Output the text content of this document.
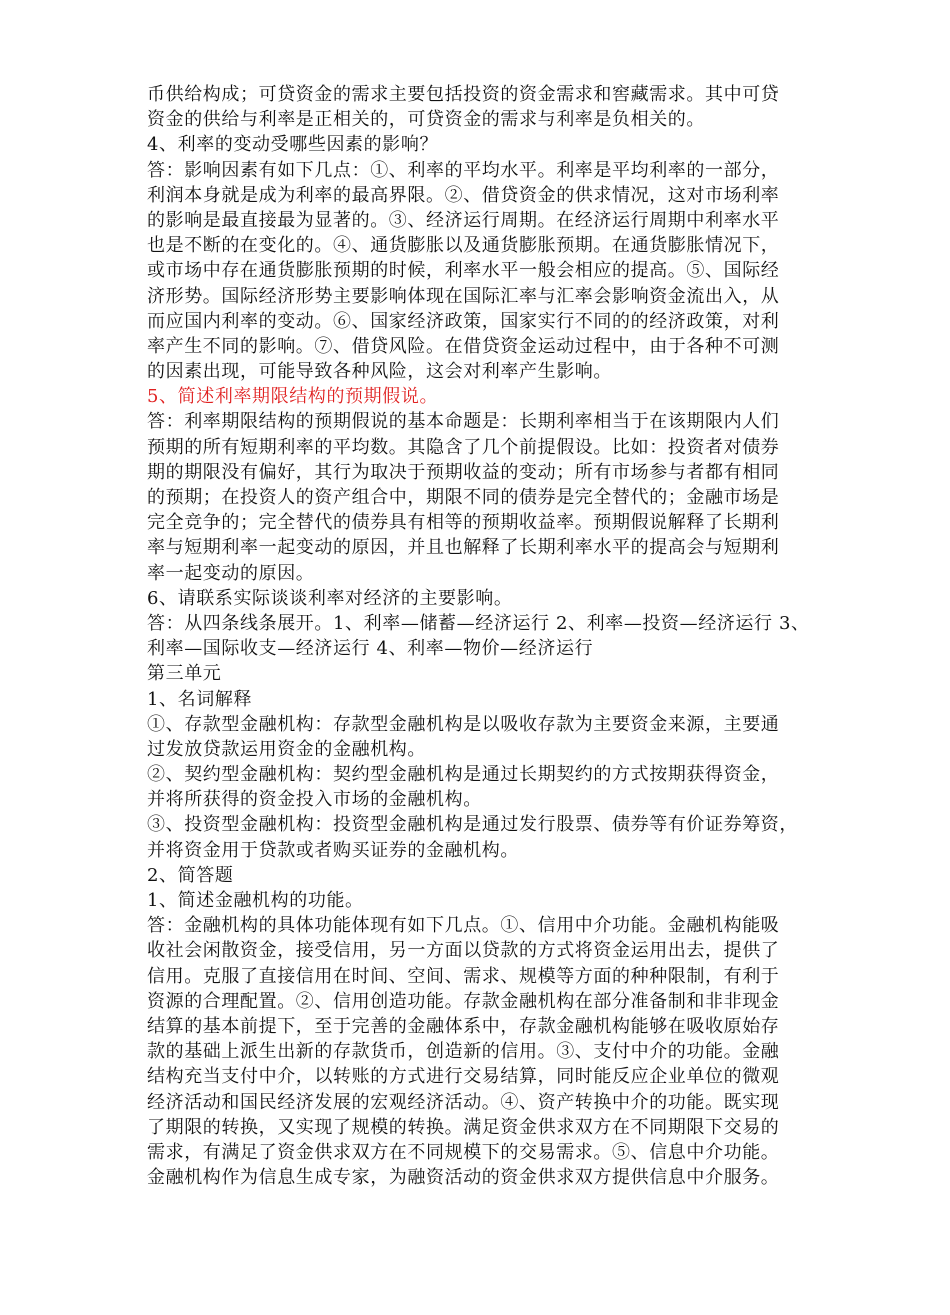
币供给构成；可贷资金的需求主要包括投资的资金需求和窖藏需求。其中可贷
资金的供给与利率是正相关的，可贷资金的需求与利率是负相关的。
4、利率的变动受哪些因素的影响？
答：影响因素有如下几点：①、利率的平均水平。利率是平均利率的一部分，
利润本身就是成为利率的最高界限。②、借贷资金的供求情况，这对市场利率
的影响是最直接最为显著的。③、经济运行周期。在经济运行周期中利率水平
也是不断的在变化的。④、通货膨胀以及通货膨胀预期。在通货膨胀情况下，
或市场中存在通货膨胀预期的时候，利率水平一般会相应的提高。⑤、国际经
济形势。国际经济形势主要影响体现在国际汇率与汇率会影响资金流出入，从
而应国内利率的变动。⑥、国家经济政策，国家实行不同的的经济政策，对利
率产生不同的影响。⑦、借贷风险。在借贷资金运动过程中，由于各种不可测
的因素出现，可能导致各种风险，这会对利率产生影响。
5、简述利率期限结构的预期假说。
答：利率期限结构的预期假说的基本命题是：长期利率相当于在该期限内人们
预期的所有短期利率的平均数。其隐含了几个前提假设。比如：投资者对债券
期的期限没有偏好，其行为取决于预期收益的变动；所有市场参与者都有相同
的预期；在投资人的资产组合中，期限不同的债券是完全替代的；金融市场是
完全竞争的；完全替代的债券具有相等的预期收益率。预期假说解释了长期利
率与短期利率一起变动的原因，并且也解释了长期利率水平的提高会与短期利
率一起变动的原因。
6、请联系实际谈谈利率对经济的主要影响。
答：从四条线条展开。1、利率—储蓄—经济运行 2、利率—投资—经济运行 3、
利率—国际收支—经济运行 4、利率—物价—经济运行
第三单元
1、名词解释
①、存款型金融机构：存款型金融机构是以吸收存款为主要资金来源，主要通
过发放贷款运用资金的金融机构。
②、契约型金融机构：契约型金融机构是通过长期契约的方式按期获得资金，
并将所获得的资金投入市场的金融机构。
③、投资型金融机构：投资型金融机构是通过发行股票、债券等有价证券筹资，
并将资金用于贷款或者购买证券的金融机构。
2、简答题
1、简述金融机构的功能。
答：金融机构的具体功能体现有如下几点。①、信用中介功能。金融机构能吸
收社会闲散资金，接受信用，另一方面以贷款的方式将资金运用出去，提供了
信用。克服了直接信用在时间、空间、需求、规模等方面的种种限制，有利于
资源的合理配置。②、信用创造功能。存款金融机构在部分准备制和非非现金
结算的基本前提下，至于完善的金融体系中，存款金融机构能够在吸收原始存
款的基础上派生出新的存款货币，创造新的信用。③、支付中介的功能。金融
结构充当支付中介，以转账的方式进行交易结算，同时能反应企业单位的微观
经济活动和国民经济发展的宏观经济活动。④、资产转换中介的功能。既实现
了期限的转换，又实现了规模的转换。满足资金供求双方在不同期限下交易的
需求，有满足了资金供求双方在不同规模下的交易需求。⑤、信息中介功能。
金融机构作为信息生成专家，为融资活动的资金供求双方提供信息中介服务。
